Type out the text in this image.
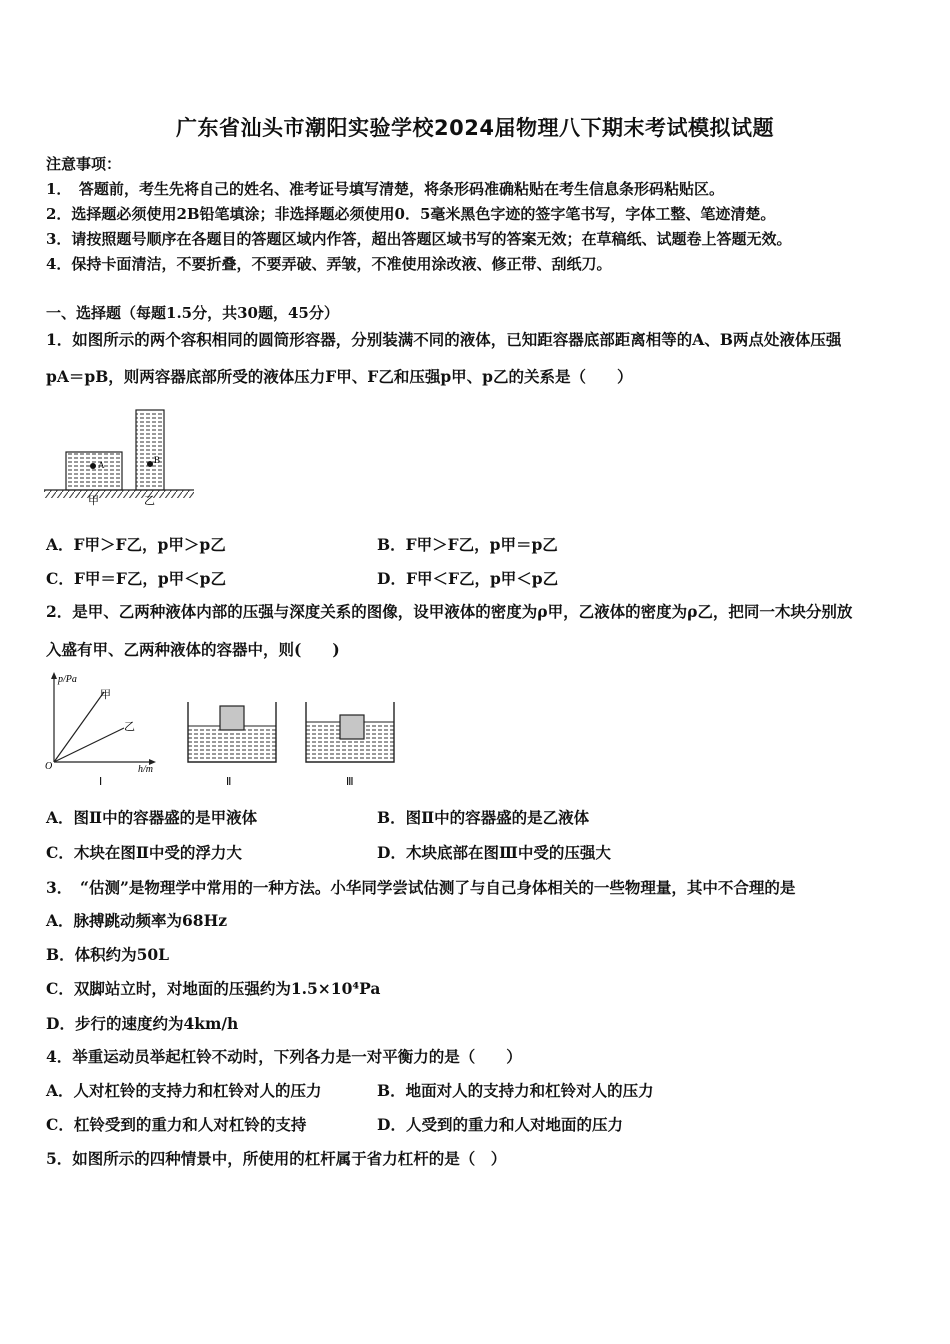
广东省汕头市潮阳实验学校2024届物理八下期末考试模拟试题
注意事项：
1．　答题前，考生先将自己的姓名、准考证号填写清楚，将条形码准确粘贴在考生信息条形码粘贴区。
2．选择题必须使用2B铅笔填涂；非选择题必须使用0．5毫米黑色字迹的签字笔书写，字体工整、笔迹清楚。
3．请按照题号顺序在各题目的答题区域内作答，超出答题区域书写的答案无效；在草稿纸、试题卷上答题无效。
4．保持卡面清洁，不要折叠，不要弄破、弄皱，不准使用涂改液、修正带、刮纸刀。
一、选择题（每题1.5分，共30题，45分）
1．如图所示的两个容积相同的圆筒形容器，分别装满不同的液体，已知距容器底部距离相等的A、B两点处液体压强
pA＝pB，则两容器底部所受的液体压力F甲、F乙和压强p甲、p乙的关系是（　　）
A	B
甲	乙
A．F甲＞F乙，p甲＞p乙	B．F甲＞F乙，p甲＝p乙
C．F甲＝F乙，p甲＜p乙	D．F甲＜F乙，p甲＜p乙
2．是甲、乙两种液体内部的压强与深度关系的图像，设甲液体的密度为ρ甲，乙液体的密度为ρ乙，把同一木块分别放
入盛有甲、乙两种液体的容器中，则(　　)
p/Pa
h/m
O
甲
乙
Ⅰ	Ⅱ	Ⅲ
A．图Ⅱ中的容器盛的是甲液体	B．图Ⅱ中的容器盛的是乙液体
C．木块在图Ⅱ中受的浮力大	D．木块底部在图Ⅲ中受的压强大
3．　“估测”是物理学中常用的一种方法。小华同学尝试估测了与自己身体相关的一些物理量，其中不合理的是
A．脉搏跳动频率为68Hz
B．体积约为50L
C．双脚站立时，对地面的压强约为1.5×10⁴Pa
D．步行的速度约为4km/h
4．举重运动员举起杠铃不动时，下列各力是一对平衡力的是（　　）
A．人对杠铃的支持力和杠铃对人的压力	B．地面对人的支持力和杠铃对人的压力
C．杠铃受到的重力和人对杠铃的支持	D．人受到的重力和人对地面的压力
5．如图所示的四种情景中，所使用的杠杆属于省力杠杆的是（　）
